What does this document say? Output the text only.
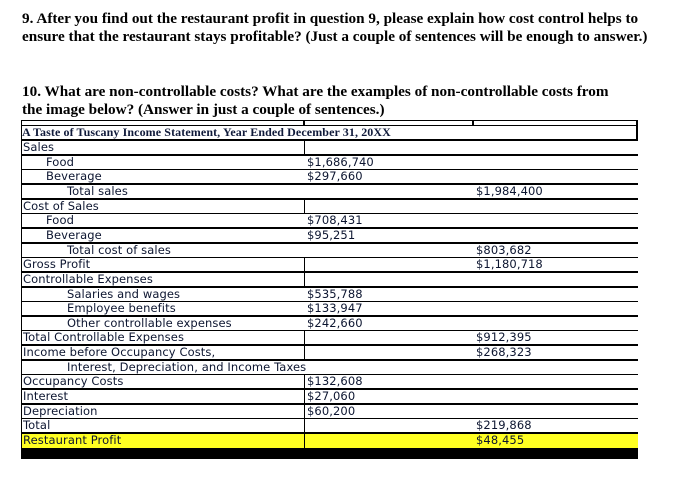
9. After you find out the restaurant profit in question 9, please explain how cost control helps to ensure that the restaurant stays profitable? (Just a couple of sentences will be enough to answer.)
10. What are non-controllable costs? What are the examples of non-controllable costs from
the image below? (Answer in just a couple of sentences.)
A Taste of Tuscany Income Statement, Year Ended December 31, 20XX
Sales
Food	$1,686,740
Beverage	$297,660
Total sales	$1,984,400
Cost of Sales
Food	$708,431
Beverage	$95,251
Total cost of sales	$803,682
Gross Profit	$1,180,718
Controllable Expenses
Salaries and wages	$535,788
Employee benefits	$133,947
Other controllable expenses	$242,660
Total Controllable Expenses	$912,395
Income before Occupancy Costs,	$268,323
Interest, Depreciation, and Income Taxes
Occupancy Costs	$132,608
Interest	$27,060
Depreciation	$60,200
Total	$219,868
Restaurant Profit	$48,455
